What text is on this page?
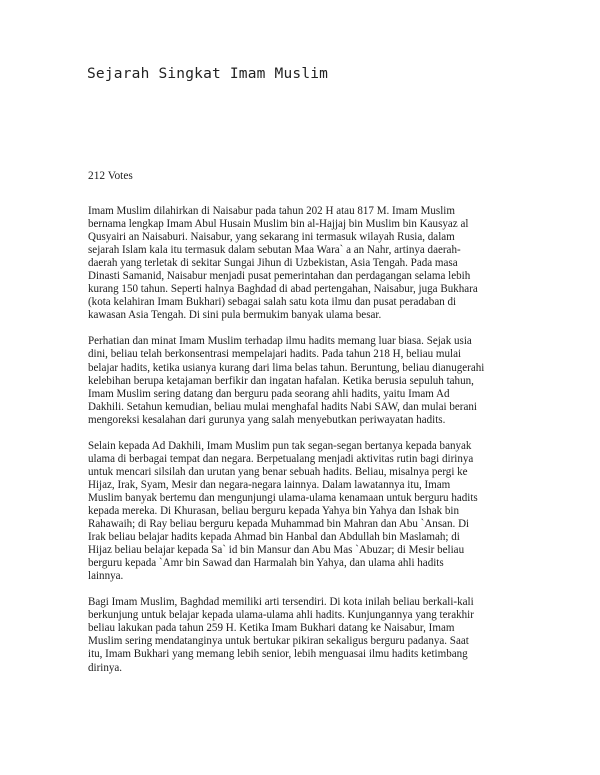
Sejarah Singkat Imam Muslim

212 Votes

Imam Muslim dilahirkan di Naisabur pada tahun 202 H atau 817 M. Imam Muslim
bernama lengkap Imam Abul Husain Muslim bin al-Hajjaj bin Muslim bin Kausyaz al
Qusyairi an Naisaburi. Naisabur, yang sekarang ini termasuk wilayah Rusia, dalam
sejarah Islam kala itu termasuk dalam sebutan Maa Wara` a an Nahr, artinya daerah-
daerah yang terletak di sekitar Sungai Jihun di Uzbekistan, Asia Tengah. Pada masa
Dinasti Samanid, Naisabur menjadi pusat pemerintahan dan perdagangan selama lebih
kurang 150 tahun. Seperti halnya Baghdad di abad pertengahan, Naisabur, juga Bukhara
(kota kelahiran Imam Bukhari) sebagai salah satu kota ilmu dan pusat peradaban di
kawasan Asia Tengah. Di sini pula bermukim banyak ulama besar.

Perhatian dan minat Imam Muslim terhadap ilmu hadits memang luar biasa. Sejak usia
dini, beliau telah berkonsentrasi mempelajari hadits. Pada tahun 218 H, beliau mulai
belajar hadits, ketika usianya kurang dari lima belas tahun. Beruntung, beliau dianugerahi
kelebihan berupa ketajaman berfikir dan ingatan hafalan. Ketika berusia sepuluh tahun,
Imam Muslim sering datang dan berguru pada seorang ahli hadits, yaitu Imam Ad
Dakhili. Setahun kemudian, beliau mulai menghafal hadits Nabi SAW, dan mulai berani
mengoreksi kesalahan dari gurunya yang salah menyebutkan periwayatan hadits.

Selain kepada Ad Dakhili, Imam Muslim pun tak segan-segan bertanya kepada banyak
ulama di berbagai tempat dan negara. Berpetualang menjadi aktivitas rutin bagi dirinya
untuk mencari silsilah dan urutan yang benar sebuah hadits. Beliau, misalnya pergi ke
Hijaz, Irak, Syam, Mesir dan negara-negara lainnya. Dalam lawatannya itu, Imam
Muslim banyak bertemu dan mengunjungi ulama-ulama kenamaan untuk berguru hadits
kepada mereka. Di Khurasan, beliau berguru kepada Yahya bin Yahya dan Ishak bin
Rahawaih; di Ray beliau berguru kepada Muhammad bin Mahran dan Abu `Ansan. Di
Irak beliau belajar hadits kepada Ahmad bin Hanbal dan Abdullah bin Maslamah; di
Hijaz beliau belajar kepada Sa` id bin Mansur dan Abu Mas `Abuzar; di Mesir beliau
berguru kepada `Amr bin Sawad dan Harmalah bin Yahya, dan ulama ahli hadits
lainnya.

Bagi Imam Muslim, Baghdad memiliki arti tersendiri. Di kota inilah beliau berkali-kali
berkunjung untuk belajar kepada ulama-ulama ahli hadits. Kunjungannya yang terakhir
beliau lakukan pada tahun 259 H. Ketika Imam Bukhari datang ke Naisabur, Imam
Muslim sering mendatanginya untuk bertukar pikiran sekaligus berguru padanya. Saat
itu, Imam Bukhari yang memang lebih senior, lebih menguasai ilmu hadits ketimbang
dirinya.
